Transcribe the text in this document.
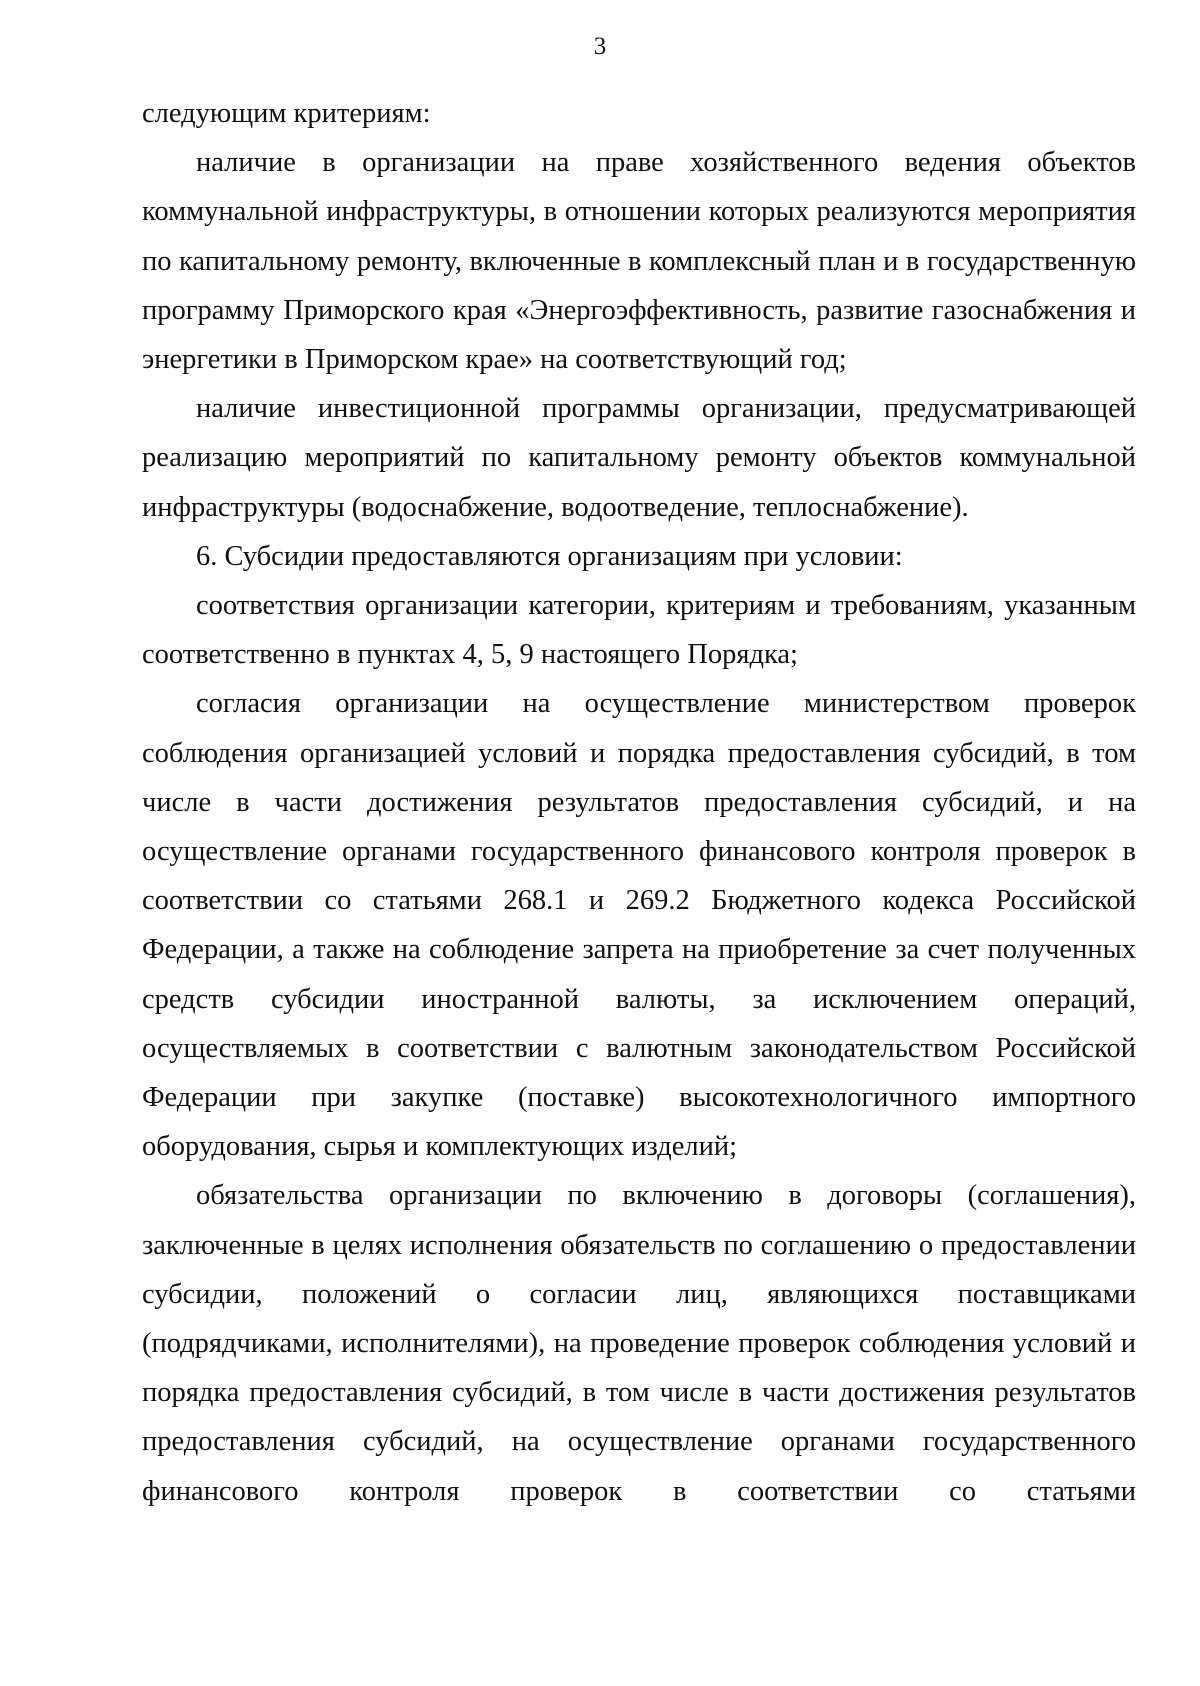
3

следующим критериям:

наличие в организации на праве хозяйственного ведения объектов коммунальной инфраструктуры, в отношении которых реализуются мероприятия по капитальному ремонту, включенные в комплексный план и в государственную программу Приморского края «Энергоэффективность, развитие газоснабжения и энергетики в Приморском крае» на соответствующий год;

наличие инвестиционной программы организации, предусматривающей реализацию мероприятий по капитальному ремонту объектов коммунальной инфраструктуры (водоснабжение, водоотведение, теплоснабжение).

6. Субсидии предоставляются организациям при условии:

соответствия организации категории, критериям и требованиям, указанным соответственно в пунктах 4, 5, 9 настоящего Порядка;

согласия организации на осуществление министерством проверок соблюдения организацией условий и порядка предоставления субсидий, в том числе в части достижения результатов предоставления субсидий, и на осуществление органами государственного финансового контроля проверок в соответствии со статьями 268.1 и 269.2 Бюджетного кодекса Российской Федерации, а также на соблюдение запрета на приобретение за счет полученных средств субсидии иностранной валюты, за исключением операций, осуществляемых в соответствии с валютным законодательством Российской Федерации при закупке (поставке) высокотехнологичного импортного оборудования, сырья и комплектующих изделий;

обязательства организации по включению в договоры (соглашения), заключенные в целях исполнения обязательств по соглашению о предоставлении субсидии, положений о согласии лиц, являющихся поставщиками (подрядчиками, исполнителями), на проведение проверок соблюдения условий и порядка предоставления субсидий, в том числе в части достижения результатов предоставления субсидий, на осуществление органами государственного финансового контроля проверок в соответствии со статьями
